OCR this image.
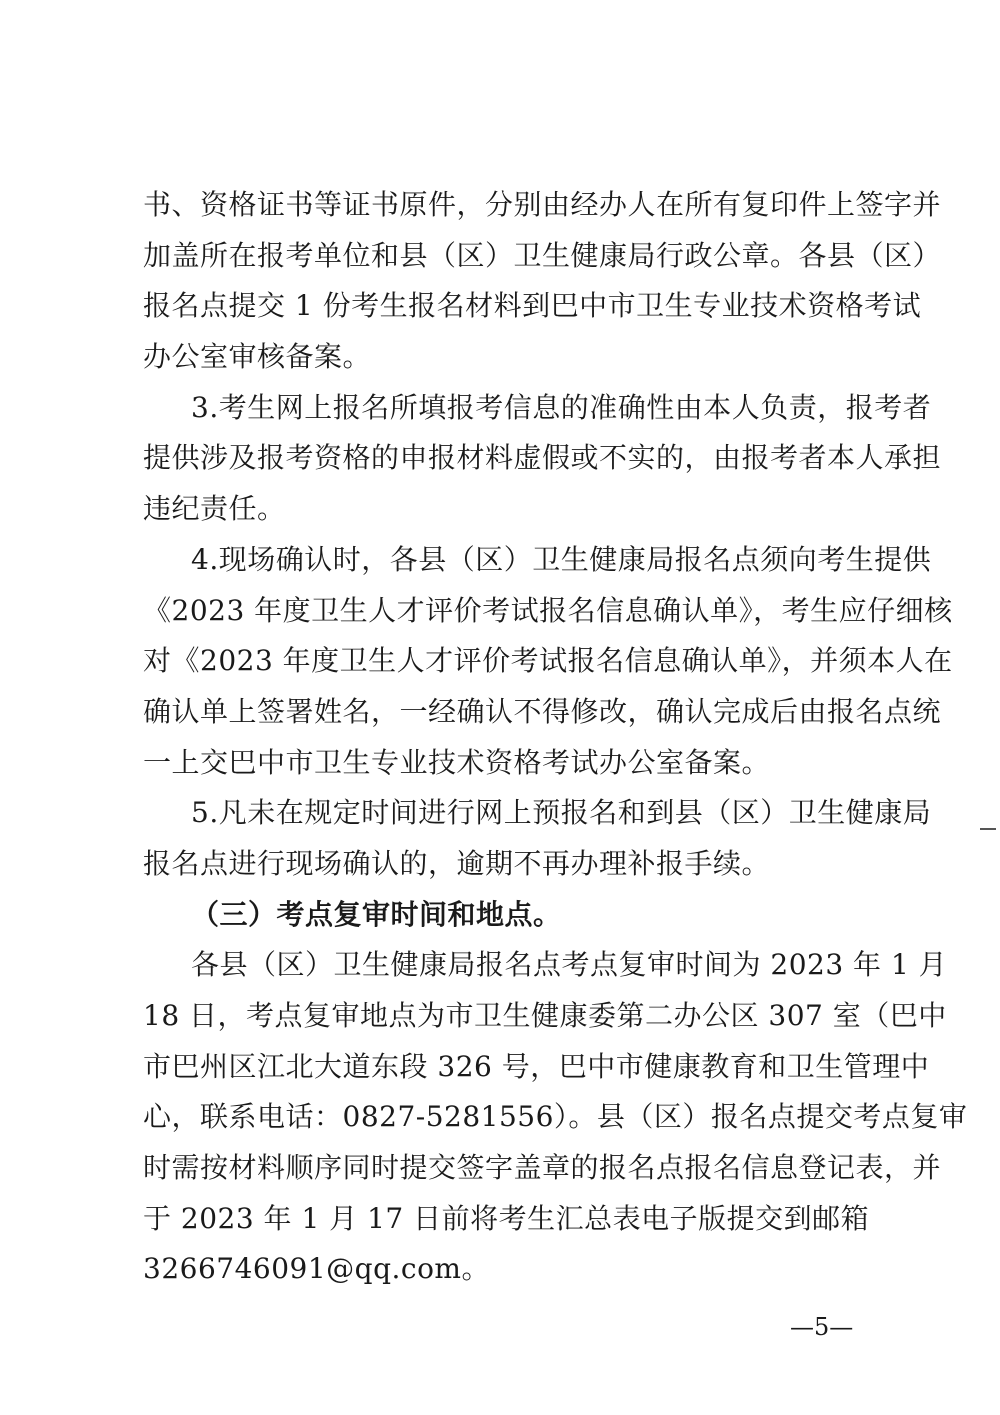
书、资格证书等证书原件，分别由经办人在所有复印件上签字并
加盖所在报考单位和县（区）卫生健康局行政公章。各县（区）
报名点提交 1 份考生报名材料到巴中市卫生专业技术资格考试
办公室审核备案。
3.考生网上报名所填报考信息的准确性由本人负责，报考者
提供涉及报考资格的申报材料虚假或不实的，由报考者本人承担
违纪责任。
4.现场确认时，各县（区）卫生健康局报名点须向考生提供
《2023 年度卫生人才评价考试报名信息确认单》，考生应仔细核
对《2023 年度卫生人才评价考试报名信息确认单》，并须本人在
确认单上签署姓名，一经确认不得修改，确认完成后由报名点统
一上交巴中市卫生专业技术资格考试办公室备案。
5.凡未在规定时间进行网上预报名和到县（区）卫生健康局
报名点进行现场确认的，逾期不再办理补报手续。
（三）考点复审时间和地点。
各县（区）卫生健康局报名点考点复审时间为 2023 年 1 月
18 日，考点复审地点为市卫生健康委第二办公区 307 室（巴中
市巴州区江北大道东段 326 号，巴中市健康教育和卫生管理中
心，联系电话：0827-5281556）。县（区）报名点提交考点复审
时需按材料顺序同时提交签字盖章的报名点报名信息登记表，并
于 2023 年 1 月 17 日前将考生汇总表电子版提交到邮箱
3266746091@qq.com。
—5—
